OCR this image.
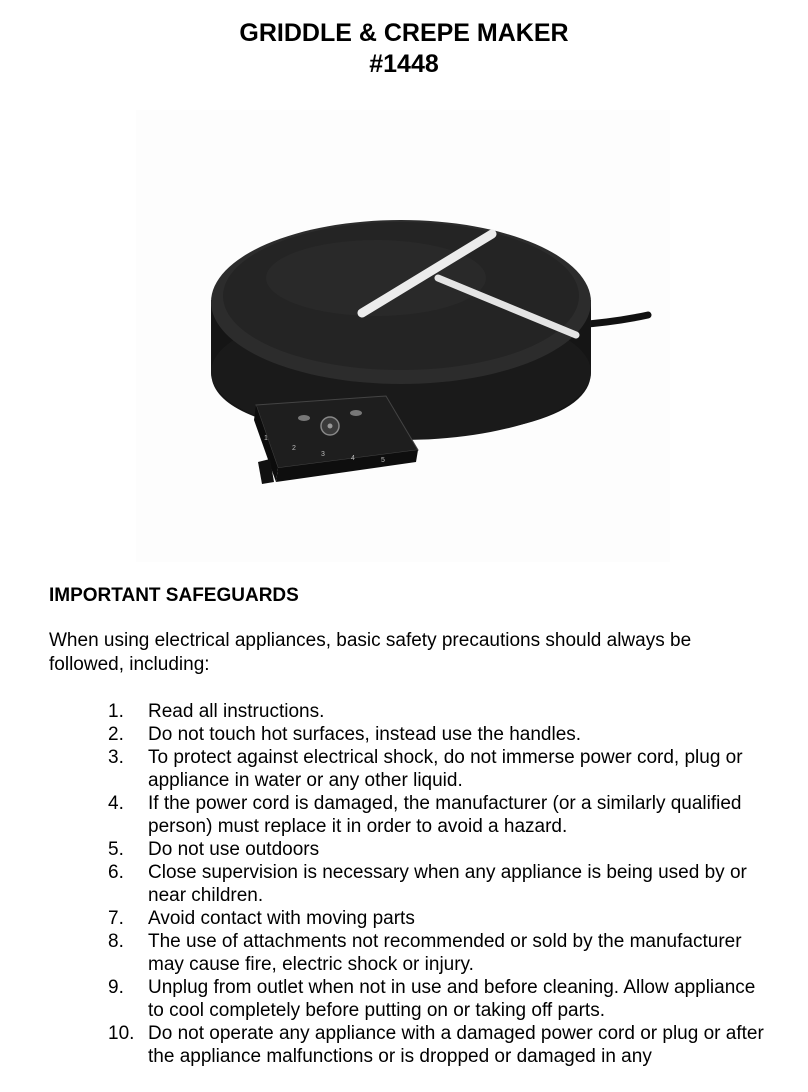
GRIDDLE & CREPE MAKER
#1448
1
2
3
4	5
IMPORTANT SAFEGUARDS
When using electrical appliances, basic safety precautions should always be followed, including:
1. Read all instructions.
2. Do not touch hot surfaces, instead use the handles.
3. To protect against electrical shock, do not immerse power cord, plug or appliance in water or any other liquid.
4. If the power cord is damaged, the manufacturer (or a similarly qualified person) must replace it in order to avoid a hazard.
5. Do not use outdoors
6. Close supervision is necessary when any appliance is being used by or near children.
7. Avoid contact with moving parts
8. The use of attachments not recommended or sold by the manufacturer may cause fire, electric shock or injury.
9. Unplug from outlet when not in use and before cleaning. Allow appliance to cool completely before putting on or taking off parts.
10. Do not operate any appliance with a damaged power cord or plug or after the appliance malfunctions or is dropped or damaged in any
